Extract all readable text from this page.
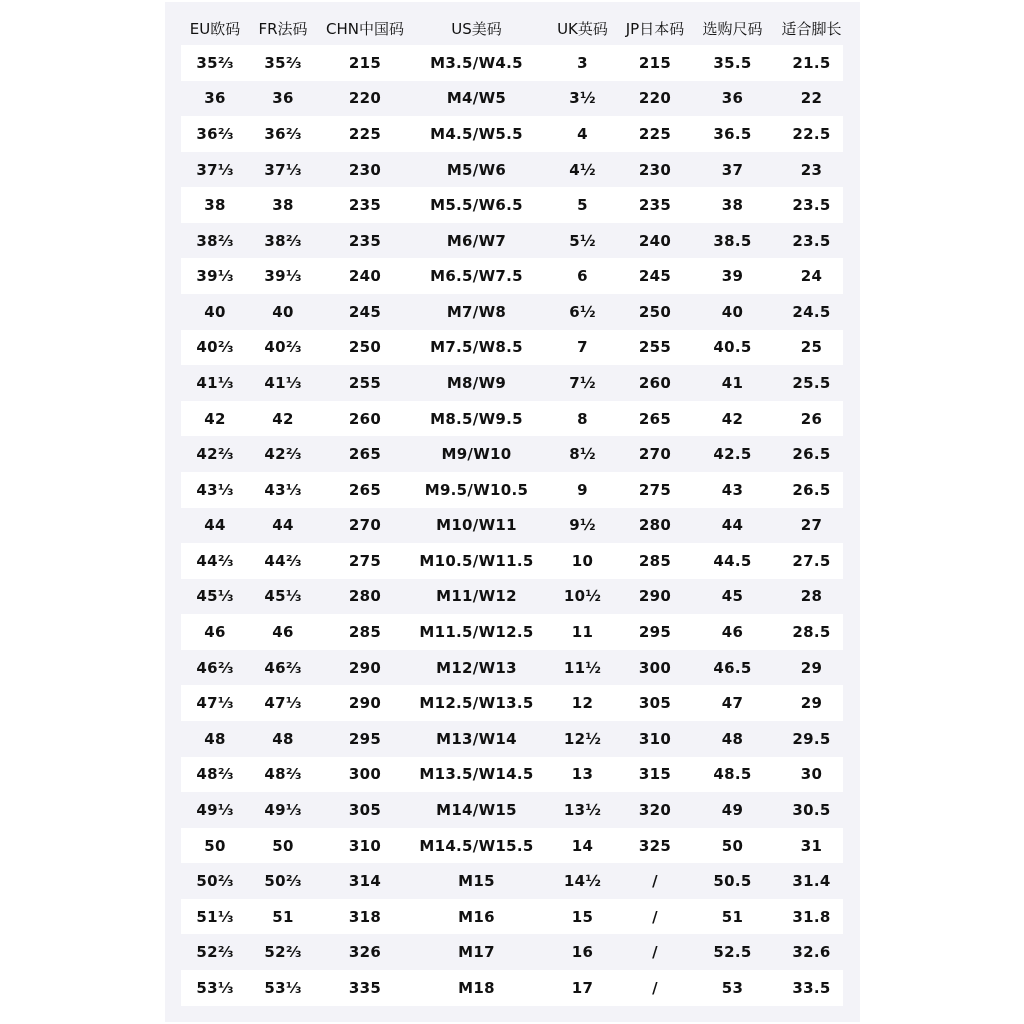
EU欧码	FR法码	CHN中国码	US美码	UK英码	JP日本码	选购尺码	适合脚长
35⅔	35⅔	215	M3.5/W4.5	3	215	35.5	21.5
36	36	220	M4/W5	3½	220	36	22
36⅔	36⅔	225	M4.5/W5.5	4	225	36.5	22.5
37⅓	37⅓	230	M5/W6	4½	230	37	23
38	38	235	M5.5/W6.5	5	235	38	23.5
38⅔	38⅔	235	M6/W7	5½	240	38.5	23.5
39⅓	39⅓	240	M6.5/W7.5	6	245	39	24
40	40	245	M7/W8	6½	250	40	24.5
40⅔	40⅔	250	M7.5/W8.5	7	255	40.5	25
41⅓	41⅓	255	M8/W9	7½	260	41	25.5
42	42	260	M8.5/W9.5	8	265	42	26
42⅔	42⅔	265	M9/W10	8½	270	42.5	26.5
43⅓	43⅓	265	M9.5/W10.5	9	275	43	26.5
44	44	270	M10/W11	9½	280	44	27
44⅔	44⅔	275	M10.5/W11.5	10	285	44.5	27.5
45⅓	45⅓	280	M11/W12	10½	290	45	28
46	46	285	M11.5/W12.5	11	295	46	28.5
46⅔	46⅔	290	M12/W13	11½	300	46.5	29
47⅓	47⅓	290	M12.5/W13.5	12	305	47	29
48	48	295	M13/W14	12½	310	48	29.5
48⅔	48⅔	300	M13.5/W14.5	13	315	48.5	30
49⅓	49⅓	305	M14/W15	13½	320	49	30.5
50	50	310	M14.5/W15.5	14	325	50	31
50⅔	50⅔	314	M15	14½	/	50.5	31.4
51⅓	51	318	M16	15	/	51	31.8
52⅔	52⅔	326	M17	16	/	52.5	32.6
53⅓	53⅓	335	M18	17	/	53	33.5
